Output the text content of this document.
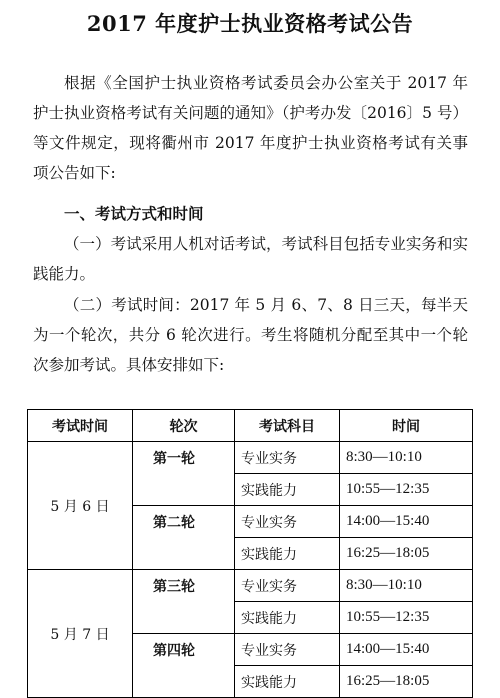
2017 年度护士执业资格考试公告

根据《全国护士执业资格考试委员会办公室关于 2017 年护士执业资格考试有关问题的通知》（护考办发〔2016〕5 号）等文件规定，现将衢州市 2017 年度护士执业资格考试有关事项公告如下:

一、考试方式和时间

（一）考试采用人机对话考试，考试科目包括专业实务和实践能力。

（二）考试时间：2017 年 5 月 6、7、8 日三天，每半天为一个轮次，共分 6 轮次进行。考生将随机分配至其中一个轮次参加考试。具体安排如下:

考试时间	轮次	考试科目	时间
5 月 6 日	第一轮	专业实务	8:30—10:10
		实践能力	10:55—12:35
	第二轮	专业实务	14:00—15:40
		实践能力	16:25—18:05
5 月 7 日	第三轮	专业实务	8:30—10:10
		实践能力	10:55—12:35
	第四轮	专业实务	14:00—15:40
		实践能力	16:25—18:05
